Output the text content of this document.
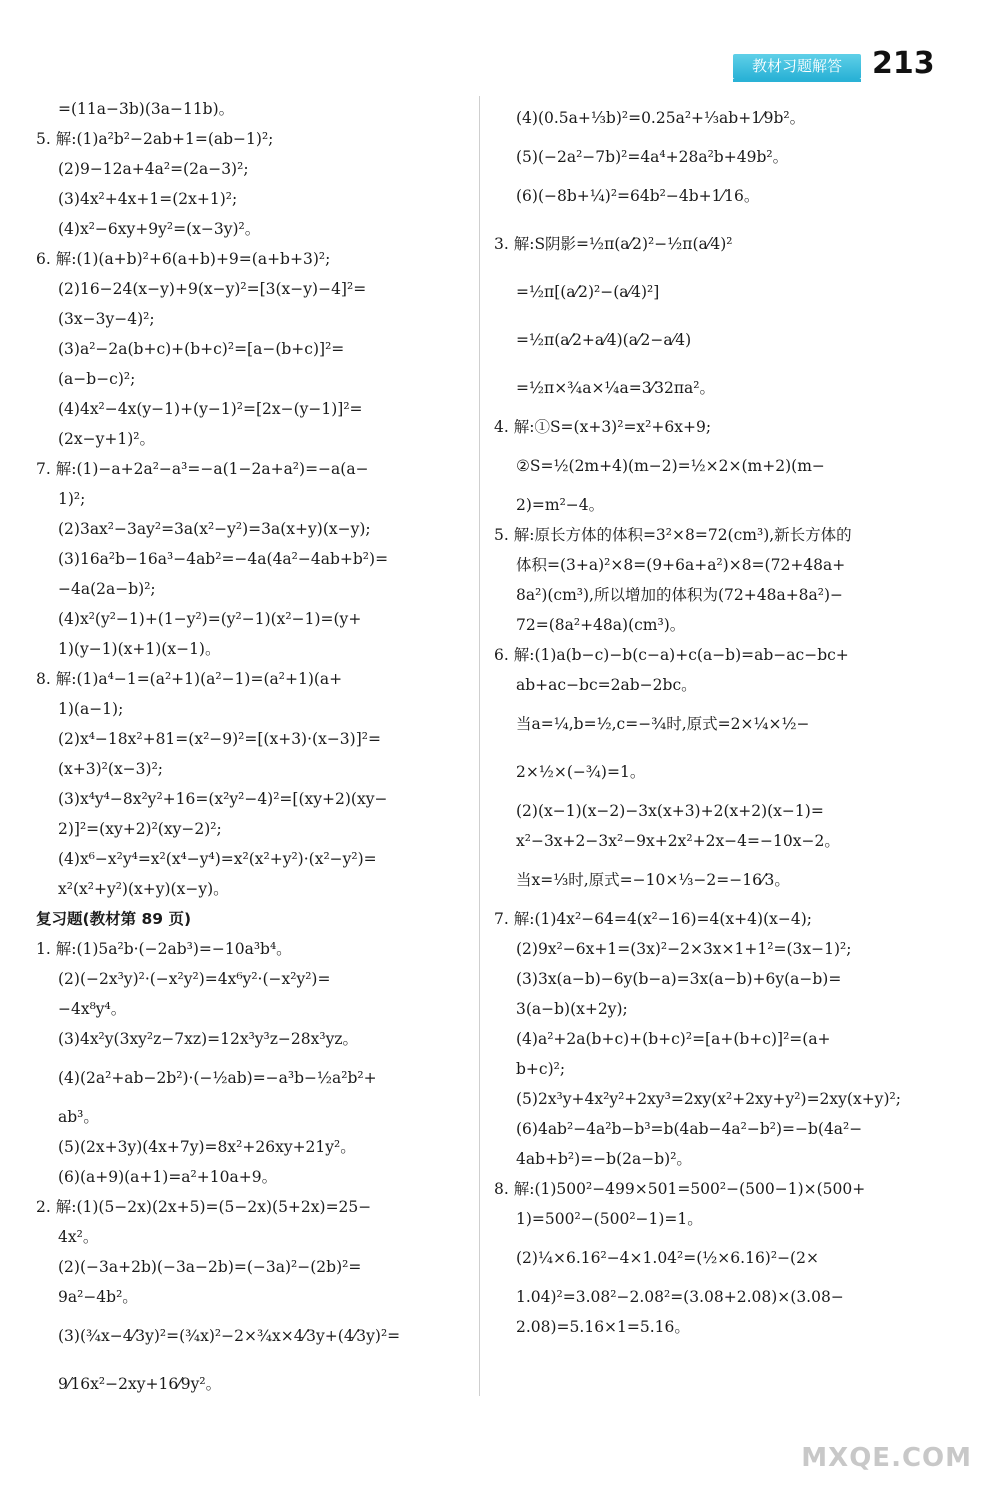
教材习题解答	213
=(11a−3b)(3a−11b)。
5. 解:(1)a²b²−2ab+1=(ab−1)²;
(2)9−12a+4a²=(2a−3)²;
(3)4x²+4x+1=(2x+1)²;
(4)x²−6xy+9y²=(x−3y)²。
6. 解:(1)(a+b)²+6(a+b)+9=(a+b+3)²;
(2)16−24(x−y)+9(x−y)²=[3(x−y)−4]²=
(3x−3y−4)²;
(3)a²−2a(b+c)+(b+c)²=[a−(b+c)]²=
(a−b−c)²;
(4)4x²−4x(y−1)+(y−1)²=[2x−(y−1)]²=
(2x−y+1)²。
7. 解:(1)−a+2a²−a³=−a(1−2a+a²)=−a(a−
1)²;
(2)3ax²−3ay²=3a(x²−y²)=3a(x+y)(x−y);
(3)16a²b−16a³−4ab²=−4a(4a²−4ab+b²)=
−4a(2a−b)²;
(4)x²(y²−1)+(1−y²)=(y²−1)(x²−1)=(y+
1)(y−1)(x+1)(x−1)。
8. 解:(1)a⁴−1=(a²+1)(a²−1)=(a²+1)(a+
1)(a−1);
(2)x⁴−18x²+81=(x²−9)²=[(x+3)·(x−3)]²=
(x+3)²(x−3)²;
(3)x⁴y⁴−8x²y²+16=(x²y²−4)²=[(xy+2)(xy−
2)]²=(xy+2)²(xy−2)²;
(4)x⁶−x²y⁴=x²(x⁴−y⁴)=x²(x²+y²)·(x²−y²)=
x²(x²+y²)(x+y)(x−y)。
复习题(教材第 89 页)
1. 解:(1)5a²b·(−2ab³)=−10a³b⁴。
(2)(−2x³y)²·(−x²y²)=4x⁶y²·(−x²y²)=
−4x⁸y⁴。
(3)4x²y(3xy²z−7xz)=12x³y³z−28x³yz。
(4)(2a²+ab−2b²)·(−½ab)=−a³b−½a²b²+
ab³。
(5)(2x+3y)(4x+7y)=8x²+26xy+21y²。
(6)(a+9)(a+1)=a²+10a+9。
2. 解:(1)(5−2x)(2x+5)=(5−2x)(5+2x)=25−
4x²。
(2)(−3a+2b)(−3a−2b)=(−3a)²−(2b)²=
9a²−4b²。
(3)(¾x−4⁄3y)²=(¾x)²−2×¾x×4⁄3y+(4⁄3y)²=
9⁄16x²−2xy+16⁄9y²。
(4)(0.5a+⅓b)²=0.25a²+⅓ab+1⁄9b²。
(5)(−2a²−7b)²=4a⁴+28a²b+49b²。
(6)(−8b+¼)²=64b²−4b+1⁄16。
3. 解:S阴影=½π(a⁄2)²−½π(a⁄4)²
=½π[(a⁄2)²−(a⁄4)²]
=½π(a⁄2+a⁄4)(a⁄2−a⁄4)
=½π×¾a×¼a=3⁄32πa²。
4. 解:①S=(x+3)²=x²+6x+9;
②S=½(2m+4)(m−2)=½×2×(m+2)(m−
2)=m²−4。
5. 解:原长方体的体积=3²×8=72(cm³),新长方体的
体积=(3+a)²×8=(9+6a+a²)×8=(72+48a+
8a²)(cm³),所以增加的体积为(72+48a+8a²)−
72=(8a²+48a)(cm³)。
6. 解:(1)a(b−c)−b(c−a)+c(a−b)=ab−ac−bc+
ab+ac−bc=2ab−2bc。
当a=¼,b=½,c=−¾时,原式=2×¼×½−
2×½×(−¾)=1。
(2)(x−1)(x−2)−3x(x+3)+2(x+2)(x−1)=
x²−3x+2−3x²−9x+2x²+2x−4=−10x−2。
当x=⅓时,原式=−10×⅓−2=−16⁄3。
7. 解:(1)4x²−64=4(x²−16)=4(x+4)(x−4);
(2)9x²−6x+1=(3x)²−2×3x×1+1²=(3x−1)²;
(3)3x(a−b)−6y(b−a)=3x(a−b)+6y(a−b)=
3(a−b)(x+2y);
(4)a²+2a(b+c)+(b+c)²=[a+(b+c)]²=(a+
b+c)²;
(5)2x³y+4x²y²+2xy³=2xy(x²+2xy+y²)=2xy(x+y)²;
(6)4ab²−4a²b−b³=b(4ab−4a²−b²)=−b(4a²−
4ab+b²)=−b(2a−b)²。
8. 解:(1)500²−499×501=500²−(500−1)×(500+
1)=500²−(500²−1)=1。
(2)¼×6.16²−4×1.04²=(½×6.16)²−(2×
1.04)²=3.08²−2.08²=(3.08+2.08)×(3.08−
2.08)=5.16×1=5.16。
MXQE.COM
